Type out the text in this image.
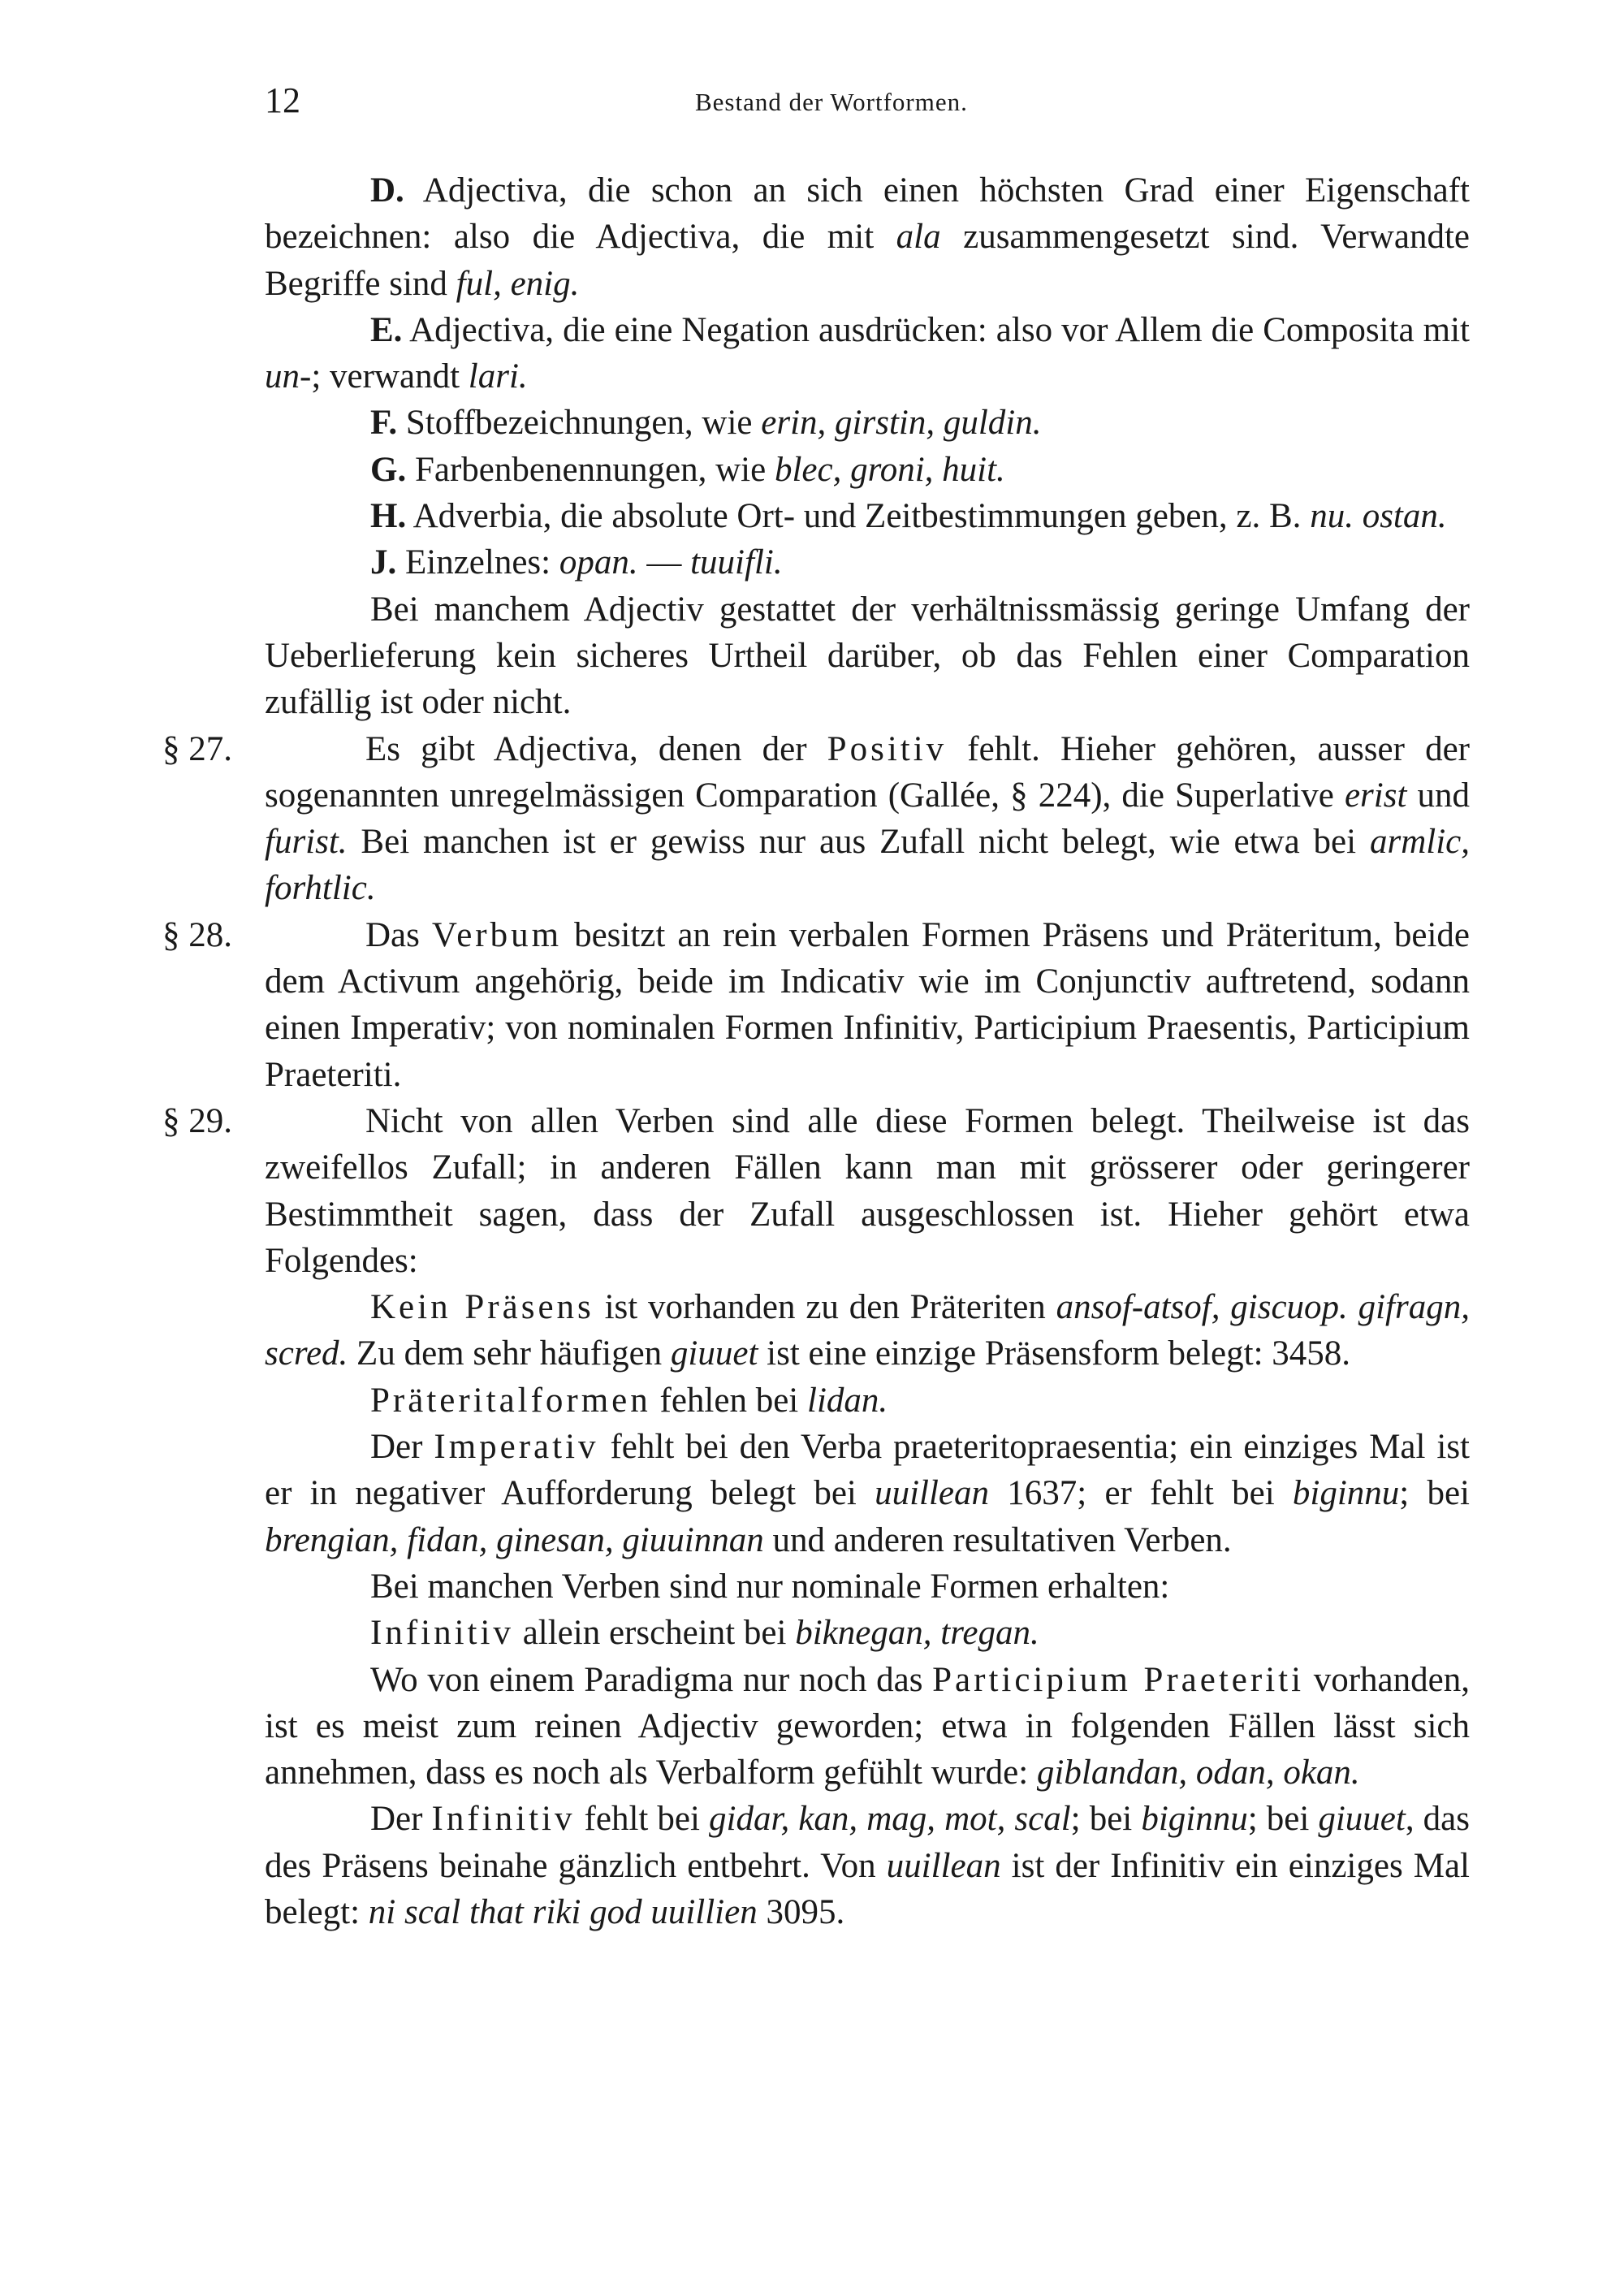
12	Bestand der Wortformen.

D. Adjectiva, die schon an sich einen höchsten Grad einer Eigenschaft bezeichnen: also die Adjectiva, die mit ala zusammengesetzt sind. Verwandte Begriffe sind ful, enig.

E. Adjectiva, die eine Negation ausdrücken: also vor Allem die Composita mit un-; verwandt lari.

F. Stoffbezeichnungen, wie erin, girstin, guldin.

G. Farbenbenennungen, wie blec, groni, huit.

H. Adverbia, die absolute Ort- und Zeitbestimmungen geben, z. B. nu. ostan.

J. Einzelnes: opan. — tuuifli.

Bei manchem Adjectiv gestattet der verhältnissmässig geringe Umfang der Ueberlieferung kein sicheres Urtheil darüber, ob das Fehlen einer Comparation zufällig ist oder nicht.

§ 27.	Es gibt Adjectiva, denen der Positiv fehlt. Hieher gehören, ausser der sogenannten unregelmässigen Comparation (Gallée, § 224), die Superlative erist und furist. Bei manchen ist er gewiss nur aus Zufall nicht belegt, wie etwa bei armlic, forhtlic.

§ 28.	Das Verbum besitzt an rein verbalen Formen Präsens und Präteritum, beide dem Activum angehörig, beide im Indicativ wie im Conjunctiv auftretend, sodann einen Imperativ; von nominalen Formen Infinitiv, Participium Praesentis, Participium Praeteriti.

§ 29.	Nicht von allen Verben sind alle diese Formen belegt. Theilweise ist das zweifellos Zufall; in anderen Fällen kann man mit grösserer oder geringerer Bestimmtheit sagen, dass der Zufall ausgeschlossen ist. Hieher gehört etwa Folgendes:

Kein Präsens ist vorhanden zu den Präteriten ansof-atsof, giscuop. gifragn, scred. Zu dem sehr häufigen giuuet ist eine einzige Präsensform belegt: 3458.

Präteritalformen fehlen bei lidan.

Der Imperativ fehlt bei den Verba praeteritopraesentia; ein einziges Mal ist er in negativer Aufforderung belegt bei uuillean 1637; er fehlt bei biginnu; bei brengian, fidan, ginesan, giuuinnan und anderen resultativen Verben.

Bei manchen Verben sind nur nominale Formen erhalten:

Infinitiv allein erscheint bei biknegan, tregan.

Wo von einem Paradigma nur noch das Participium Praeteriti vorhanden, ist es meist zum reinen Adjectiv geworden; etwa in folgenden Fällen lässt sich annehmen, dass es noch als Verbalform gefühlt wurde: giblandan, odan, okan.

Der Infinitiv fehlt bei gidar, kan, mag, mot, scal; bei biginnu; bei giuuet, das des Präsens beinahe gänzlich entbehrt. Von uuillean ist der Infinitiv ein einziges Mal belegt: ni scal that riki god uuillien 3095.
